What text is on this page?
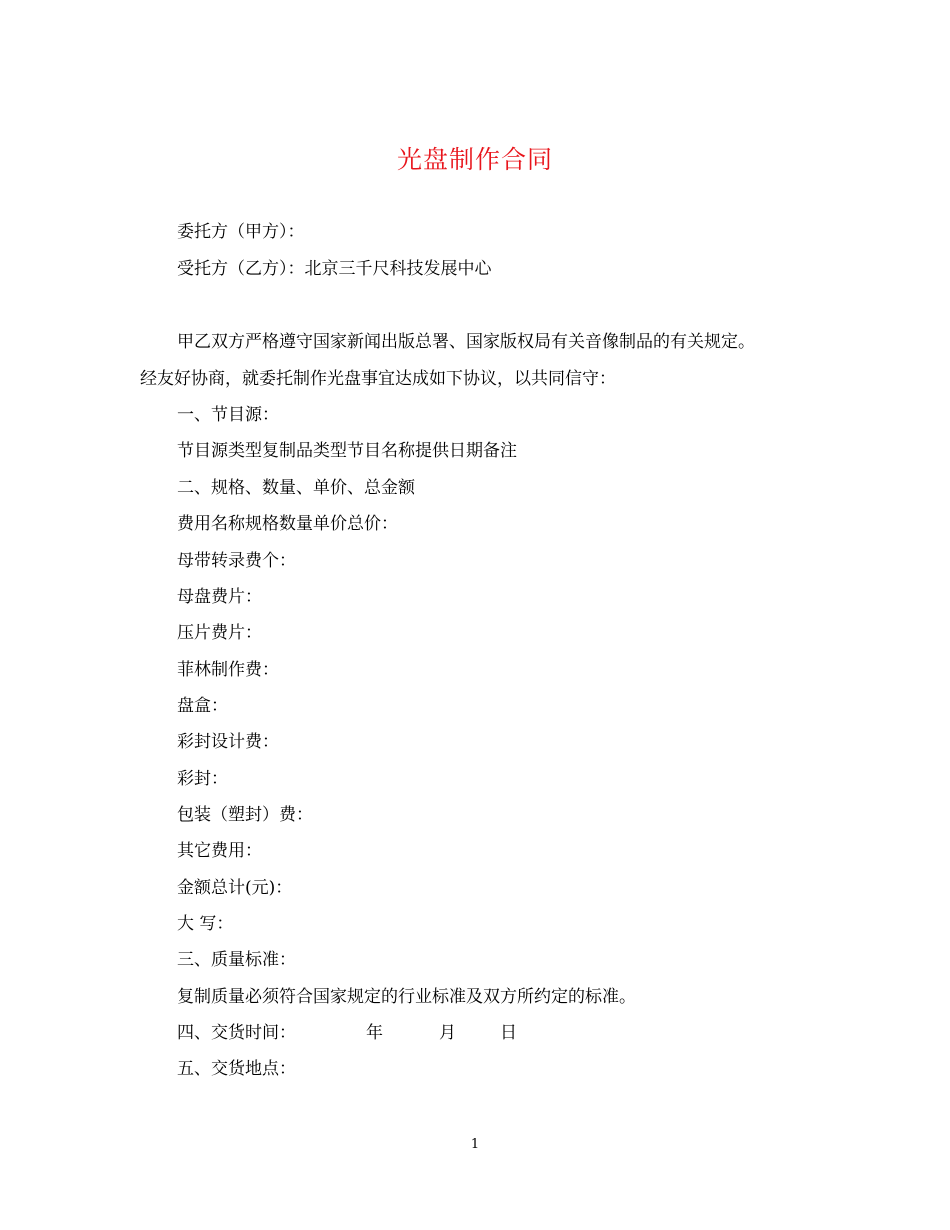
光盘制作合同
委托方（甲方）：
受托方（乙方）：北京三千尺科技发展中心
甲乙双方严格遵守国家新闻出版总署、国家版权局有关音像制品的有关规定。
经友好协商，就委托制作光盘事宜达成如下协议，以共同信守：
一、节目源：
节目源类型复制品类型节目名称提供日期备注
二、规格、数量、单价、总金额
费用名称规格数量单价总价：
母带转录费个：
母盘费片：
压片费片：
菲林制作费：
盘盒：
彩封设计费：
彩封：
包装（塑封）费：
其它费用：
金额总计(元)：
大 写：
三、质量标准：
复制质量必须符合国家规定的行业标准及双方所约定的标准。
四、交货时间：	年	月	日
五、交货地点：
1
